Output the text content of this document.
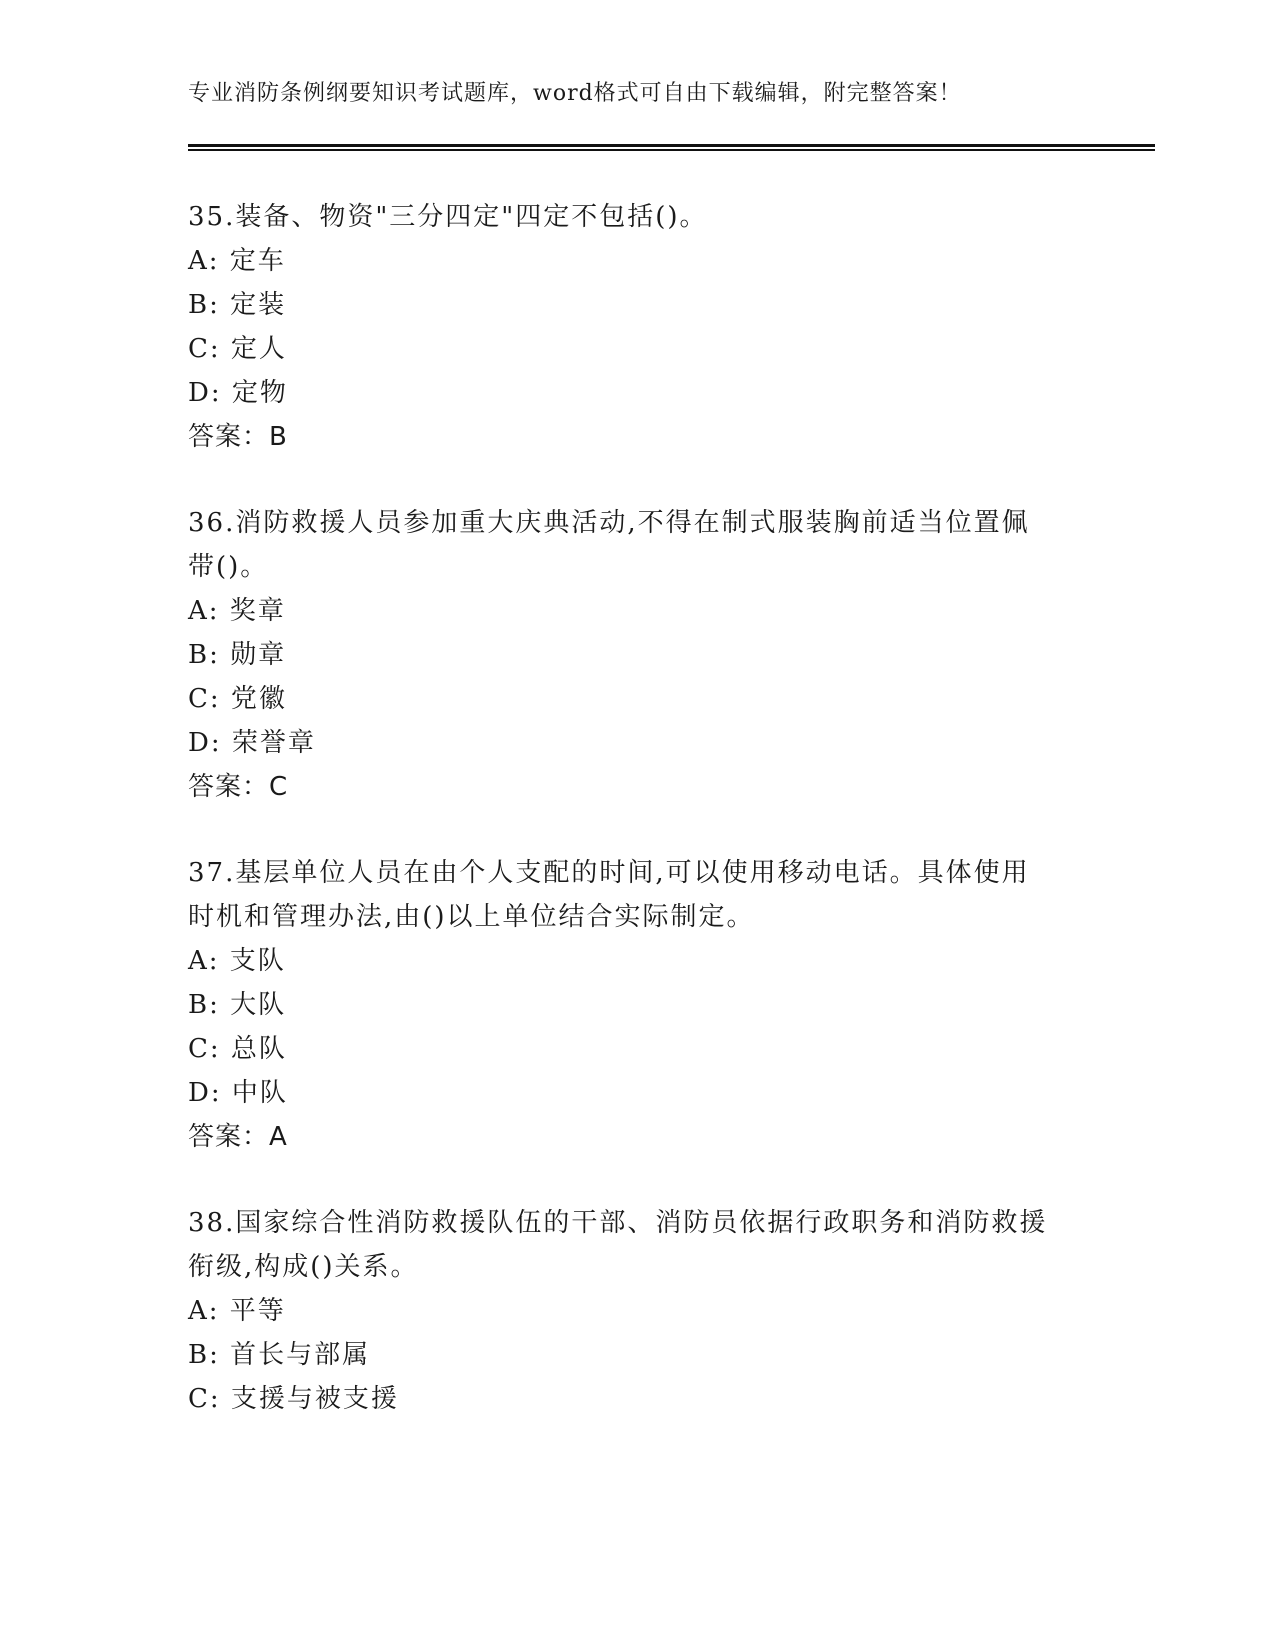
专业消防条例纲要知识考试题库，word格式可自由下载编辑，附完整答案！
35.装备、物资"三分四定"四定不包括()。
A: 定车
B: 定装
C: 定人
D: 定物
答案：B
36.消防救援人员参加重大庆典活动,不得在制式服装胸前适当位置佩
带()。
A: 奖章
B: 勋章
C: 党徽
D: 荣誉章
答案：C
37.基层单位人员在由个人支配的时间,可以使用移动电话。具体使用
时机和管理办法,由()以上单位结合实际制定。
A: 支队
B: 大队
C: 总队
D: 中队
答案：A
38.国家综合性消防救援队伍的干部、消防员依据行政职务和消防救援
衔级,构成()关系。
A: 平等
B: 首长与部属
C: 支援与被支援
